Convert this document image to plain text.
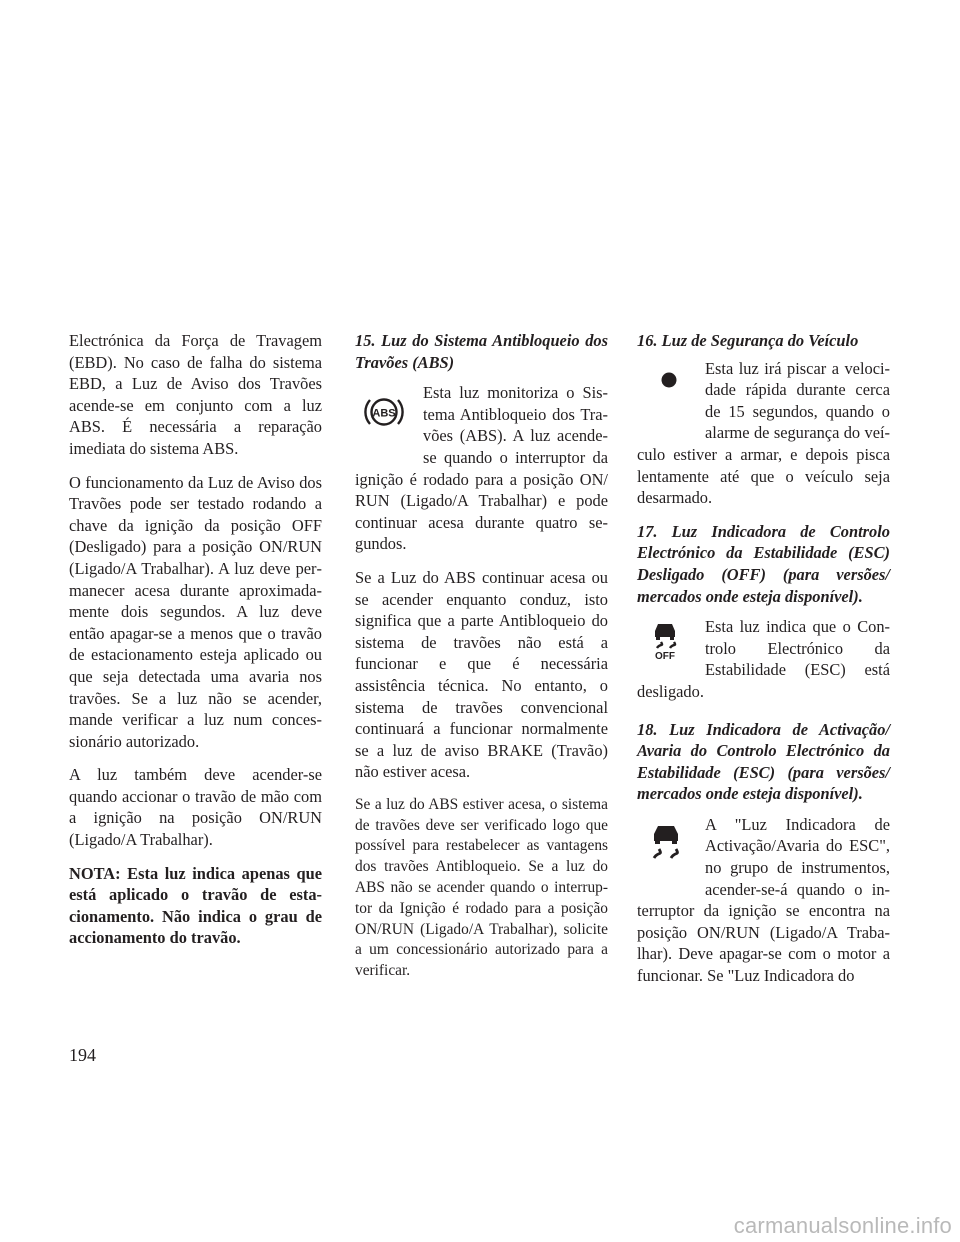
Electrónica da Força de Travagem (EBD). No caso de falha do sistema EBD, a Luz de Aviso dos Travões acende-se em conjunto com a luz ABS. É necessária a reparação imediata do sistema ABS.

O funcionamento da Luz de Aviso dos Travões pode ser testado rodando a chave da ignição da posição OFF (Desligado) para a posição ON/RUN (Ligado/A Trabalhar). A luz deve permanecer acesa durante aproximadamente dois segundos. A luz deve então apagar-se a menos que o travão de estacionamento esteja aplicado ou que seja detectada uma avaria nos travões. Se a luz não se acender, mande verificar a luz num concessionário autorizado.

A luz também deve acender-se quando accionar o travão de mão com a ignição na posição ON/RUN (Ligado/A Trabalhar).

NOTA: Esta luz indica apenas que está aplicado o travão de estacionamento. Não indica o grau de accionamento do travão.
15. Luz do Sistema Antibloqueio dos Travões (ABS)
ABS

Esta luz monitoriza o Sistema Antibloqueio dos Travões (ABS). A luz acende-se quando o interruptor da ignição é rodado para a posição ON/ RUN (Ligado/A Trabalhar) e pode continuar acesa durante quatro segundos.

Se a Luz do ABS continuar acesa ou se acender enquanto conduz, isto significa que a parte Antibloqueio do sistema de travões não está a funcionar e que é necessária assistência técnica. No entanto, o sistema de travões convencional continuará a funcionar normalmente se a luz de aviso BRAKE (Travão) não estiver acesa.

Se a luz do ABS estiver acesa, o sistema de travões deve ser verificado logo que possível para restabelecer as vantagens dos travões Antibloqueio. Se a luz do ABS não se acender quando o interruptor da Ignição é rodado para a posição ON/RUN (Ligado/A Trabalhar), solicite a um concessionário autorizado para a verificar.

16. Luz de Segurança do Veículo

Esta luz irá piscar a velocidade rápida durante cerca de 15 segundos, quando o alarme de segurança do veículo estiver a armar, e depois pisca lentamente até que o veículo seja desarmado.

17. Luz Indicadora de Controlo Electrónico da Estabilidade (ESC) Desligado (OFF) (para versões/ mercados onde esteja disponível).
OFF

Esta luz indica que o Controlo Electrónico da Estabilidade (ESC) está desligado.

18. Luz Indicadora de Activação/ Avaria do Controlo Electrónico da Estabilidade (ESC) (para versões/ mercados onde esteja disponível).

A "Luz Indicadora de Activação/Avaria do ESC", no grupo de instrumentos, acender-se-á quando o interruptor da ignição se encontra na posição ON/RUN (Ligado/A Trabalhar). Deve apagar-se com o motor a funcionar. Se "Luz Indicadora do

194
carmanualsonline.info
